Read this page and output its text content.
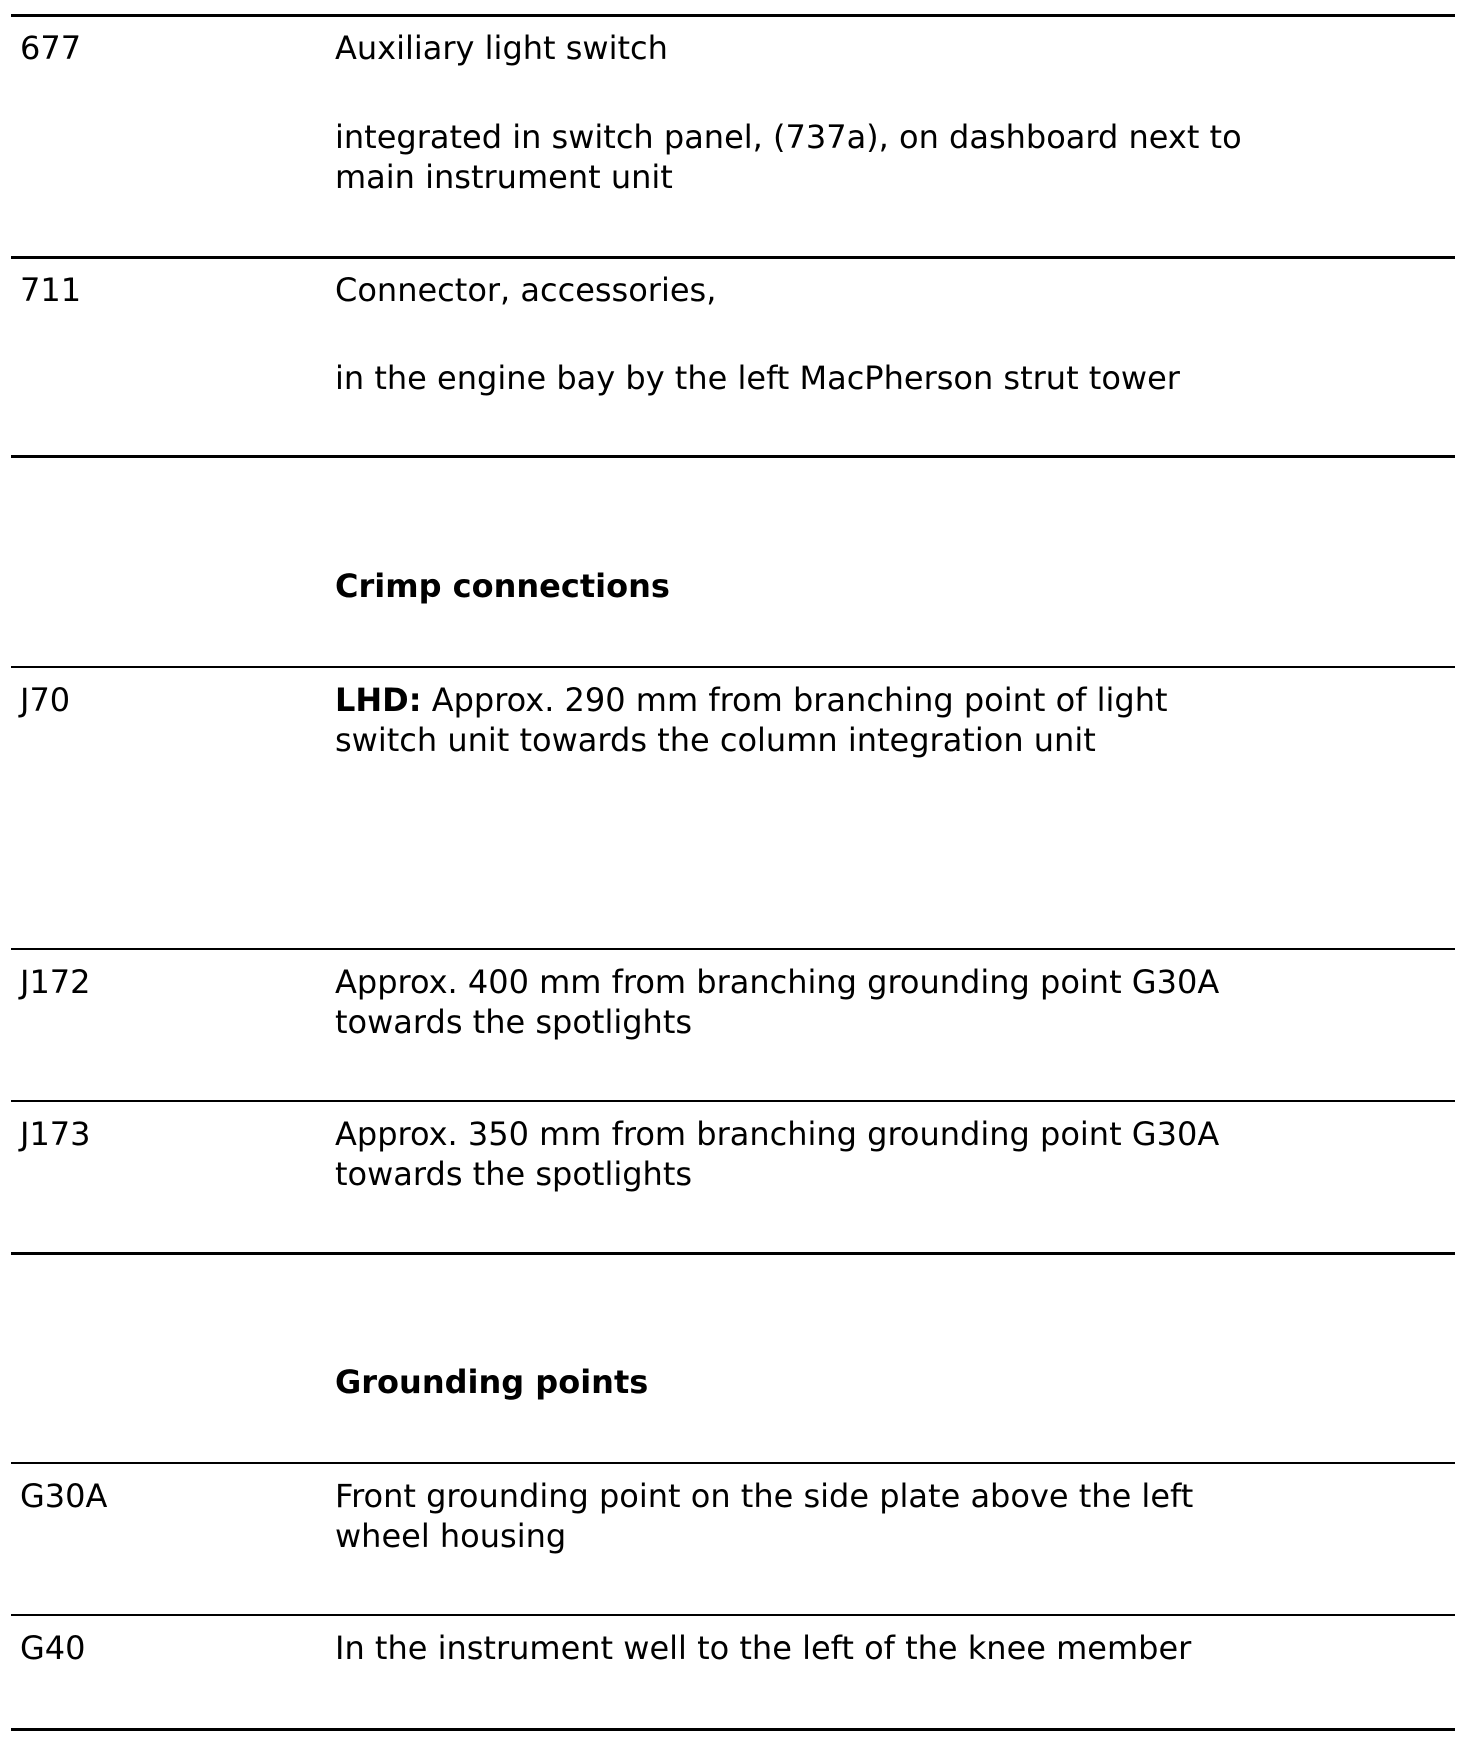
677	Auxiliary light switch
integrated in switch panel, (737a), on dashboard next to
main instrument unit
711	Connector, accessories,
in the engine bay by the left MacPherson strut tower
Crimp connections
J70	LHD: Approx. 290 mm from branching point of light
switch unit towards the column integration unit
J172	Approx. 400 mm from branching grounding point G30A
towards the spotlights
J173	Approx. 350 mm from branching grounding point G30A
towards the spotlights
Grounding points
G30A	Front grounding point on the side plate above the left
wheel housing
G40	In the instrument well to the left of the knee member
